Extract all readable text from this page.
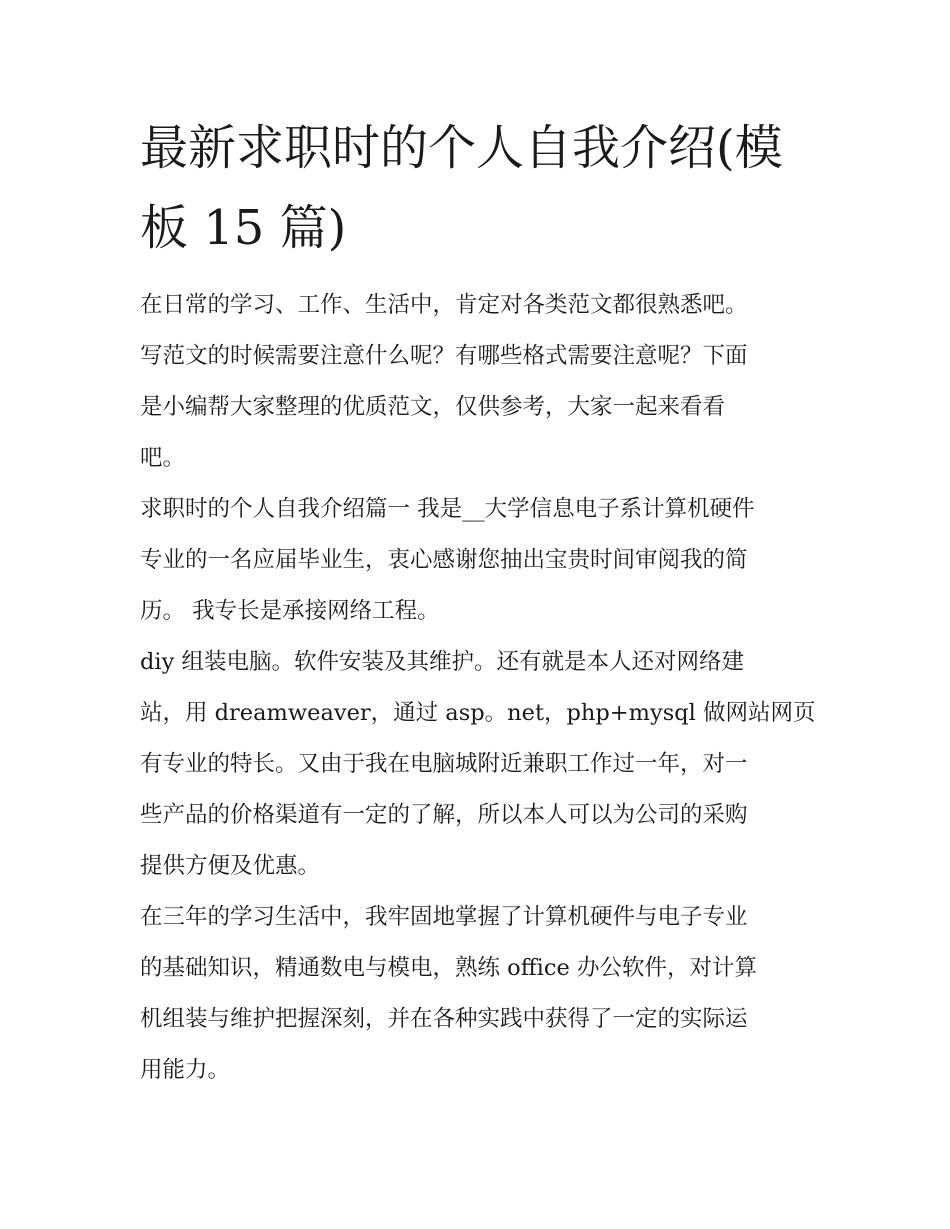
最新求职时的个人自我介绍(模
板 15 篇)

在日常的学习、工作、生活中，肯定对各类范文都很熟悉吧。
写范文的时候需要注意什么呢？有哪些格式需要注意呢？下面
是小编帮大家整理的优质范文，仅供参考，大家一起来看看
吧。

求职时的个人自我介绍篇一 我是__大学信息电子系计算机硬件
专业的一名应届毕业生，衷心感谢您抽出宝贵时间审阅我的简
历。 我专长是承接网络工程。

diy 组装电脑。软件安装及其维护。还有就是本人还对网络建
站，用 dreamweaver，通过 asp。net，php+mysql 做网站网页
有专业的特长。又由于我在电脑城附近兼职工作过一年，对一
些产品的价格渠道有一定的了解，所以本人可以为公司的采购
提供方便及优惠。

在三年的学习生活中，我牢固地掌握了计算机硬件与电子专业
的基础知识，精通数电与模电，熟练 office 办公软件，对计算
机组装与维护把握深刻，并在各种实践中获得了一定的实际运
用能力。
